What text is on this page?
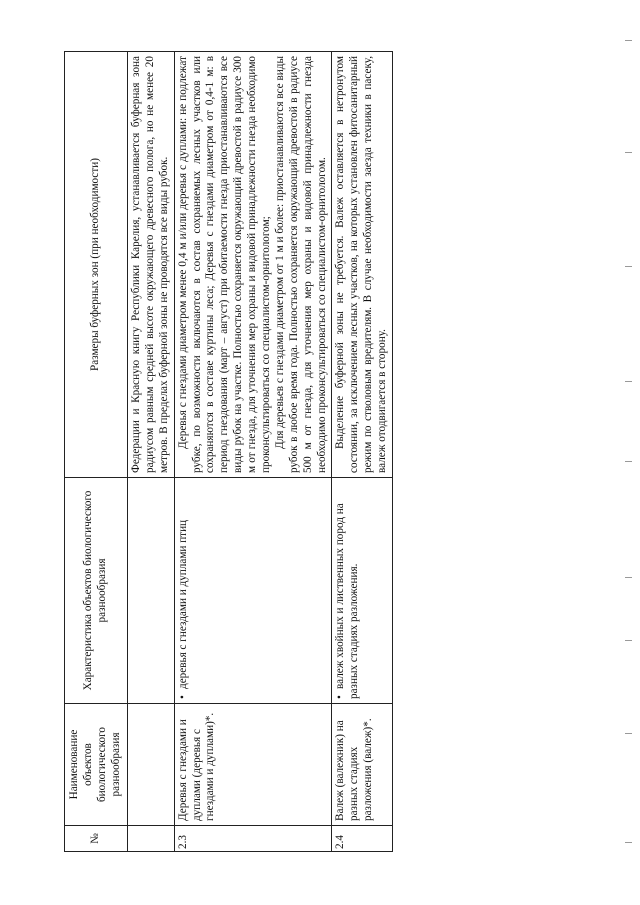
№	Наименование объектов биологического разнообразия	Характеристика объектов биологического разнообразия	Размеры буферных зон (при необходимости)
			Федерации и Красную книгу Республики Карелия, устанавливается буферная зона радиусом равным средней высоте окружающего древесного полога, но не менее 20 метров. В пределах буферной зоны не проводятся все виды рубок.
2.3	Деревья с гнездами и дуплами (деревья с гнездами и дуплами)*.	•деревья с гнездами и дуплами птиц	Деревья с гнездами диаметром менее 0,4 м и/или деревья с дуплами: не подлежат рубке, по возможности включаются в состав сохраняемых лесных участков или сохраняются в составе куртины леса; Деревья с гнездами диаметром от 0,4-1 м: в период гнездования (март – август) при обитаемости гнезда приостанавливаются все виды рубок на участке. Полностью сохраняется окружающий древостой в радиусе 300 м от гнезда, для уточнения мер охраны и видовой принадлежности гнезда необходимо проконсультироваться со специалистом-орнитологом; Для деревьев с гнездами диаметром от 1 м и более: приостанавливаются все виды рубок в любое время года. Полностью сохраняется окружающий древостой в радиусе 500 м от гнезда, для уточнения мер охраны и видовой принадлежности гнезда необходимо проконсультироваться со специалистом-орнитологом.

2.4	Валеж (валежник) на разных стадиях разложения (валеж)*.	•валеж хвойных и лиственных пород на разных стадиях разложения.	Выделение буферной зоны не требуется. Валеж оставляется в нетронутом состоянии, за исключением лесных участков, на которых установлен фитосанитарный режим по стволовым вредителям. В случае необходимости заезда техники в пасеку, валеж отодвигается в сторону.
